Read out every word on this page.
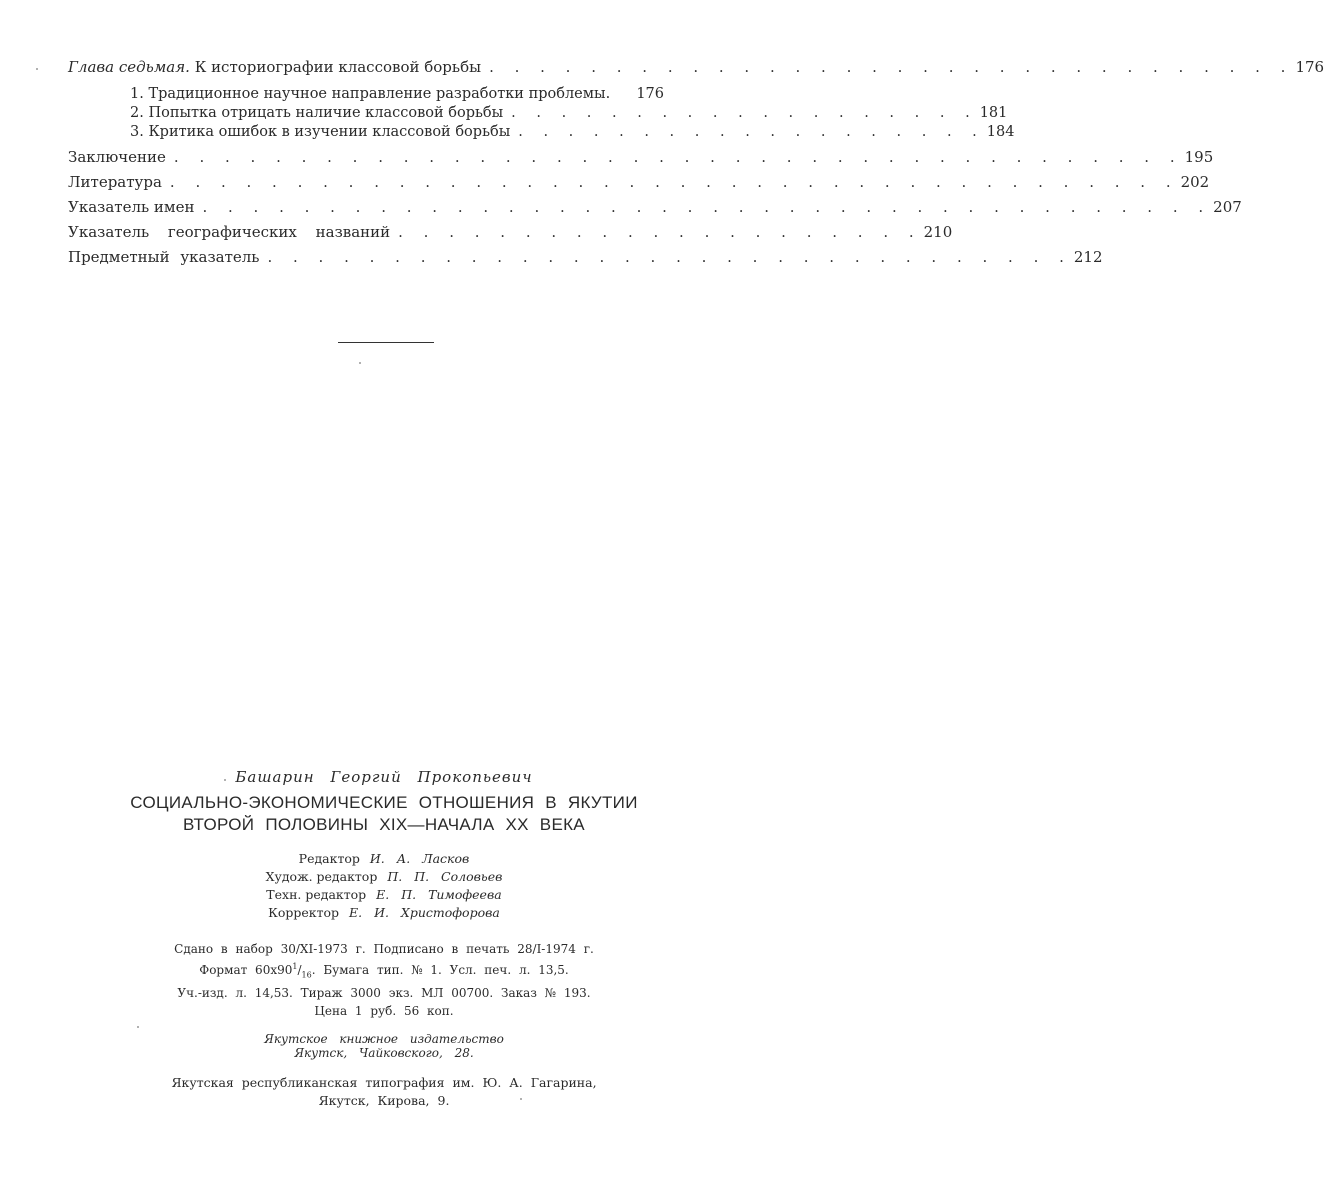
Глава седьмая. К историографии классовой борьбы . . . . . . . . . . . . . . . . . . . . . . . . . . . . . . . . 176
1. Традиционное научное направление разработки проблемы. 176
2. Попытка отрицать наличие классовой борьбы . . . . . . . . . . . . . . . . . . . 181
3. Критика ошибок в изучении классовой борьбы . . . . . . . . . . . . . . . . . . . 184
Заключение . . . . . . . . . . . . . . . . . . . . . . . . . . . . . . . . . . . . . . . . 195
Литература . . . . . . . . . . . . . . . . . . . . . . . . . . . . . . . . . . . . . . . . 202
Указатель имен . . . . . . . . . . . . . . . . . . . . . . . . . . . . . . . . . . . . . . . . 207
Указатель географических названий . . . . . . . . . . . . . . . . . . . . . 210
Предметный указатель . . . . . . . . . . . . . . . . . . . . . . . . . . . . . . . . 212
Башарин Георгий Прокопьевич
СОЦИАЛЬНО-ЭКОНОМИЧЕСКИЕ ОТНОШЕНИЯ В ЯКУТИИ
ВТОРОЙ ПОЛОВИНЫ XIX—НАЧАЛА XX ВЕКА
Редактор И. А. Ласков
Худож. редактор П. П. Соловьев
Техн. редактор Е. П. Тимофеева
Корректор Е. И. Христофорова
Сдано в набор 30/XI-1973 г. Подписано в печать 28/I-1974 г.
Формат $60x90^1/_{16}$. Бумага тип. № 1. Усл. печ. л. 13,5.
Уч.-изд. л. 14,53. Тираж 3000 экз. МЛ 00700. Заказ № 193.
Цена 1 руб. 56 коп.
Якутское книжное издательство
Якутск, Чайковского, 28.
Якутская республиканская типография им. Ю. А. Гагарина,
Якутск, Кирова, 9.
